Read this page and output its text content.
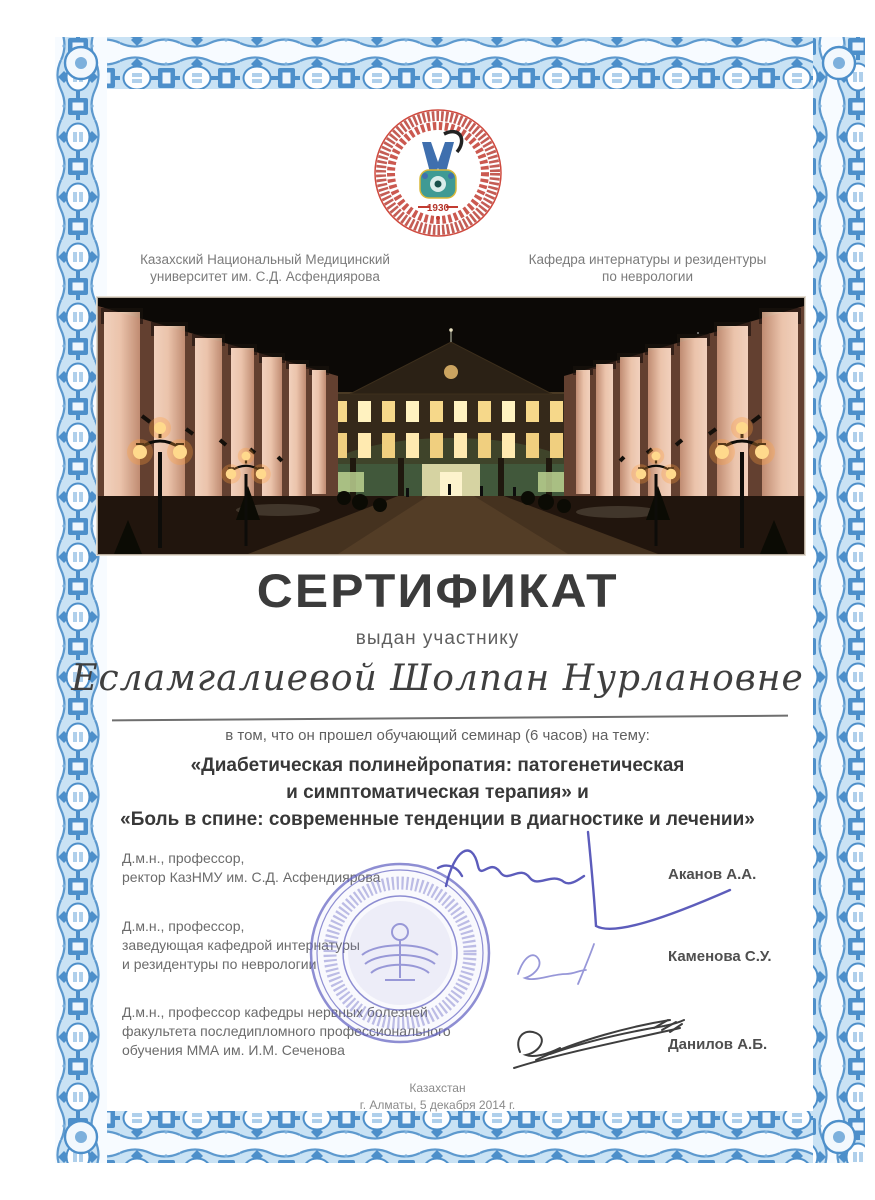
1930
Казахский Национальный Медицинский
университет им. С.Д. Асфендиярова
Кафедра интернатуры и резидентуры
по неврологии
СЕРТИФИКАТ
выдан участнику
Есламгалиевой Шолпан Нурлановне
в том, что он прошел обучающий семинар (6 часов) на тему:
«Диабетическая полинейропатия: патогенетическая
и симптоматическая терапия» и
«Боль в спине: современные тенденции в диагностике и лечении»
Д.м.н., профессор,
ректор КазНМУ им. С.Д. Асфендиярова
Д.м.н., профессор,
заведующая кафедрой интернатуры
и резидентуры по неврологии
Д.м.н., профессор кафедры нервных болезней
факультета последипломного профессионального
обучения ММА им. И.М. Сеченова
Аканов А.А.
Каменова С.У.
Данилов А.Б.
Казахстан
г. Алматы, 5 декабря 2014 г.
